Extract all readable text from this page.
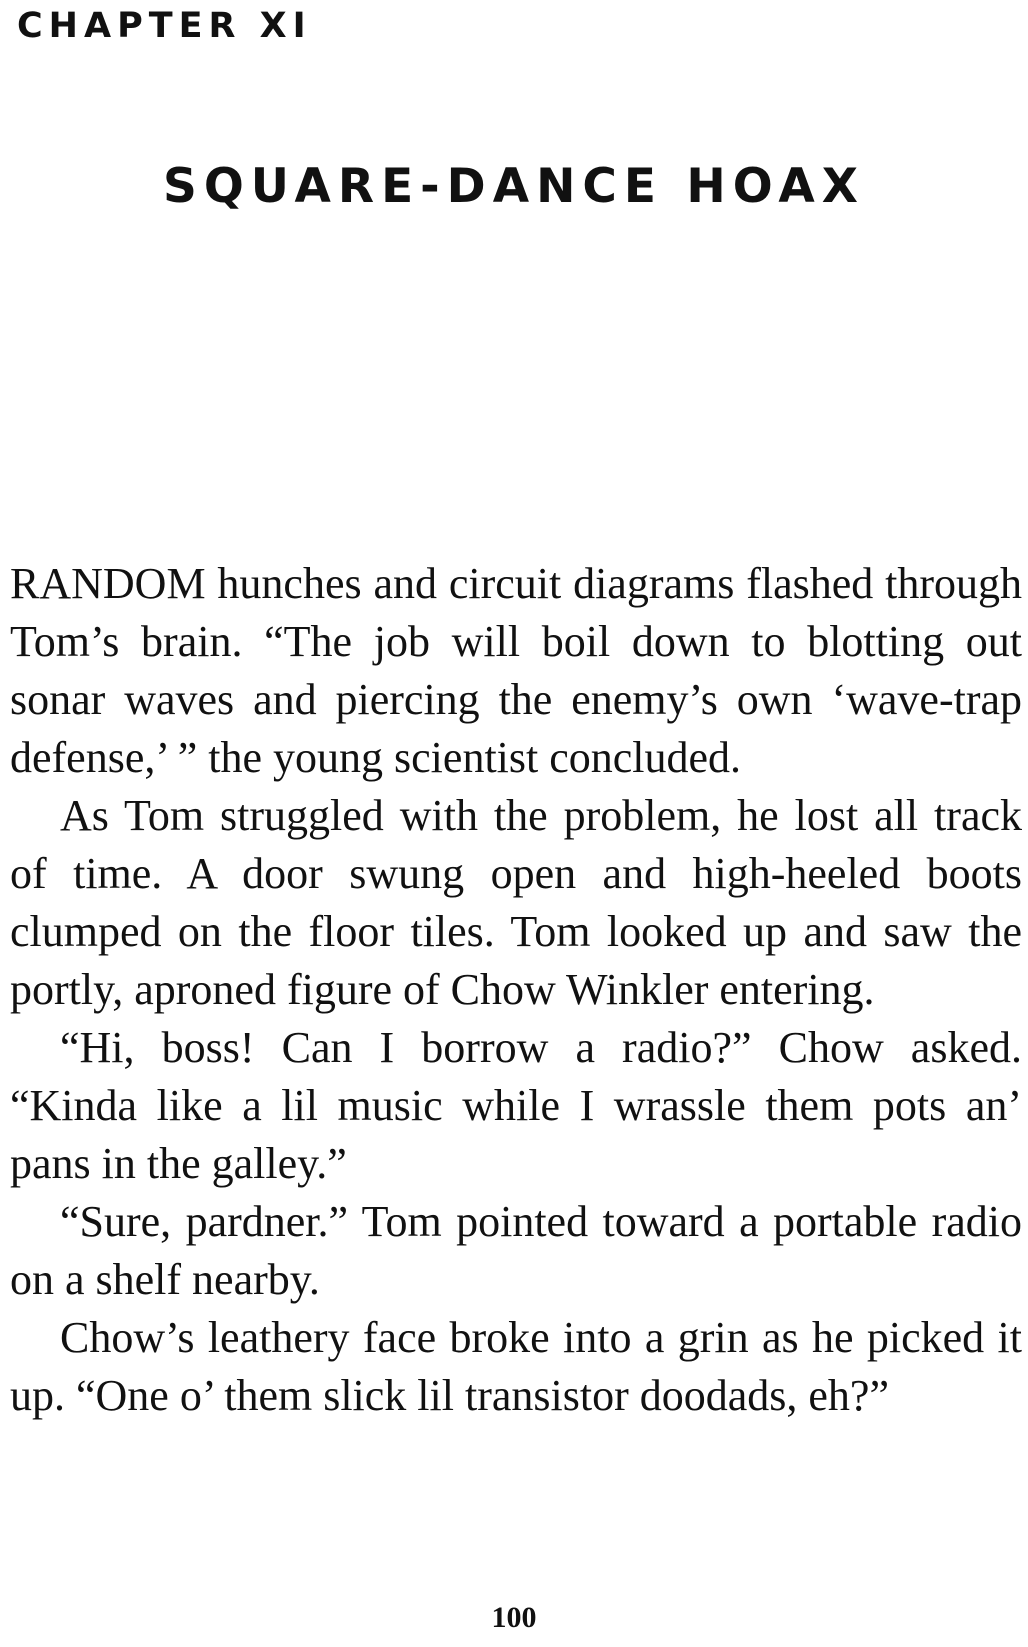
CHAPTER XI
SQUARE-DANCE HOAX

RANDOM hunches and circuit diagrams flashed through Tom’s brain. “The job will boil down to blotting out sonar waves and piercing the enemy’s own ‘wave-trap defense,’ ” the young scientist concluded.

As Tom struggled with the problem, he lost all track of time. A door swung open and high-heeled boots clumped on the floor tiles. Tom looked up and saw the portly, aproned figure of Chow Winkler entering.

“Hi, boss! Can I borrow a radio?” Chow asked. “Kinda like a lil music while I wrassle them pots an’ pans in the galley.”

“Sure, pardner.” Tom pointed toward a portable radio on a shelf nearby.

Chow’s leathery face broke into a grin as he picked it up. “One o’ them slick lil transistor doodads, eh?”

100
